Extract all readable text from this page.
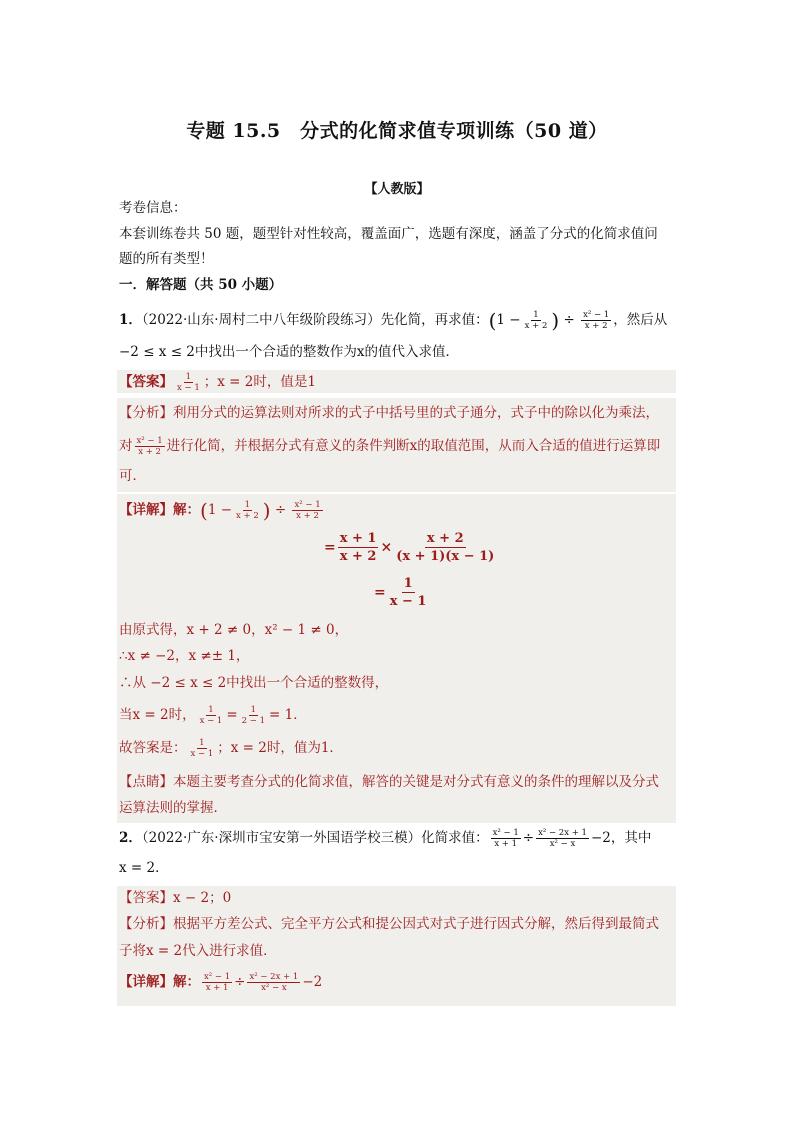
专题 15.5　分式的化简求值专项训练（50 道）
【人教版】
考卷信息：
本套训练卷共 50 题，题型针对性较高，覆盖面广，选题有深度，涵盖了分式的化简求值问
题的所有类型！
一．解答题（共 50 小题）
1．（2022·山东·周村二中八年级阶段练习）先化简，再求值：($1 - \frac{1}{x + 2}$ ) ÷ $\frac{\text{x² − 1}}{x + 2}$ ，然后从
−2 ≤ x ≤ 2中找出一个合适的整数作为x的值代入求值．
【答案】 $\frac{1}{x - 1}$ ；x = 2时，值是1
【分析】利用分式的运算法则对所求的式子中括号里的式子通分，式子中的除以化为乘法，
对 $\frac{\text{x² − 1}}{x + 2}$ 进行化简，并根据分式有意义的条件判断x的取值范围，从而入合适的值进行运算即
可．
【详解】解：($1 - \frac{1}{x + 2}$ ) ÷ $\frac{\text{x² − 1}}{x + 2}$
= $\frac{x + 1}{x + 2} \times \frac{x + 2}{(x + 1)(x - 1)}$
= $\frac{1}{x - 1}$
由原式得，x + 2 ≠ 0，x² − 1 ≠ 0，
∴x ≠ −2，x ≠± 1，
∴从 −2 ≤ x ≤ 2中找出一个合适的整数得，
当x = 2时， $\frac{1}{x - 1} = \frac{1}{2 - 1} = 1$．
故答案是： $\frac{1}{x - 1}$ ；x = 2时，值为1．
【点睛】本题主要考查分式的化简求值，解答的关键是对分式有意义的条件的理解以及分式
运算法则的掌握．
2．（2022·广东·深圳市宝安第一外国语学校三模）化简求值： $\frac{\text{x² − 1}}{x + 1} \div \frac{\text{x² − 2x + 1}}{\text{x² − x}} -2$，其中
x = 2．
【答案】x − 2；0
【分析】根据平方差公式、完全平方公式和提公因式对式子进行因式分解，然后得到最简式
子将x = 2代入进行求值．
【详解】解： $\frac{\text{x² − 1}}{x + 1} \div \frac{\text{x² − 2x + 1}}{\text{x² − x}} -2$
